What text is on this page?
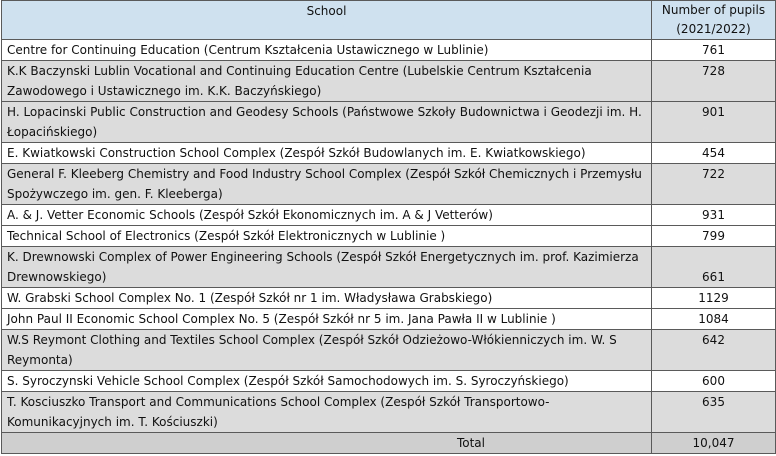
School	Number of pupils
(2021/2022)

Centre for Continuing Education (Centrum Kształcenia Ustawicznego w Lublinie)	761

K.K Baczynski Lublin Vocational and Continuing Education Centre (Lubelskie Centrum Kształcenia
Zawodowego i Ustawicznego im. K.K. Baczyńskiego)	728

H. Lopacinski Public Construction and Geodesy Schools (Państwowe Szkoły Budownictwa i Geodezji im. H.
Łopacińskiego)	901

E. Kwiatkowski Construction School Complex (Zespół Szkół Budowlanych im. E. Kwiatkowskiego)	454

General F. Kleeberg Chemistry and Food Industry School Complex (Zespół Szkół Chemicznych i Przemysłu
Spożywczego im. gen. F. Kleeberga)	722

A. & J. Vetter Economic Schools (Zespół Szkół Ekonomicznych im. A & J Vetterów)	931

Technical School of Electronics (Zespół Szkół Elektronicznych w Lublinie )	799

K. Drewnowski Complex of Power Engineering Schools (Zespół Szkół Energetycznych im. prof. Kazimierza
Drewnowskiego)	661

W. Grabski School Complex No. 1 (Zespół Szkół nr 1 im. Władysława Grabskiego)	1129

John Paul II Economic School Complex No. 5 (Zespół Szkół nr 5 im. Jana Pawła II w Lublinie )	1084

W.S Reymont Clothing and Textiles School Complex (Zespół Szkół Odzieżowo-Włókienniczych im. W. S
Reymonta)	642

S. Syroczynski Vehicle School Complex (Zespół Szkół Samochodowych im. S. Syroczyńskiego)	600

T. Kosciuszko Transport and Communications School Complex (Zespół Szkół Transportowo-
Komunikacyjnych im. T. Kościuszki)	635
Total	10,047
